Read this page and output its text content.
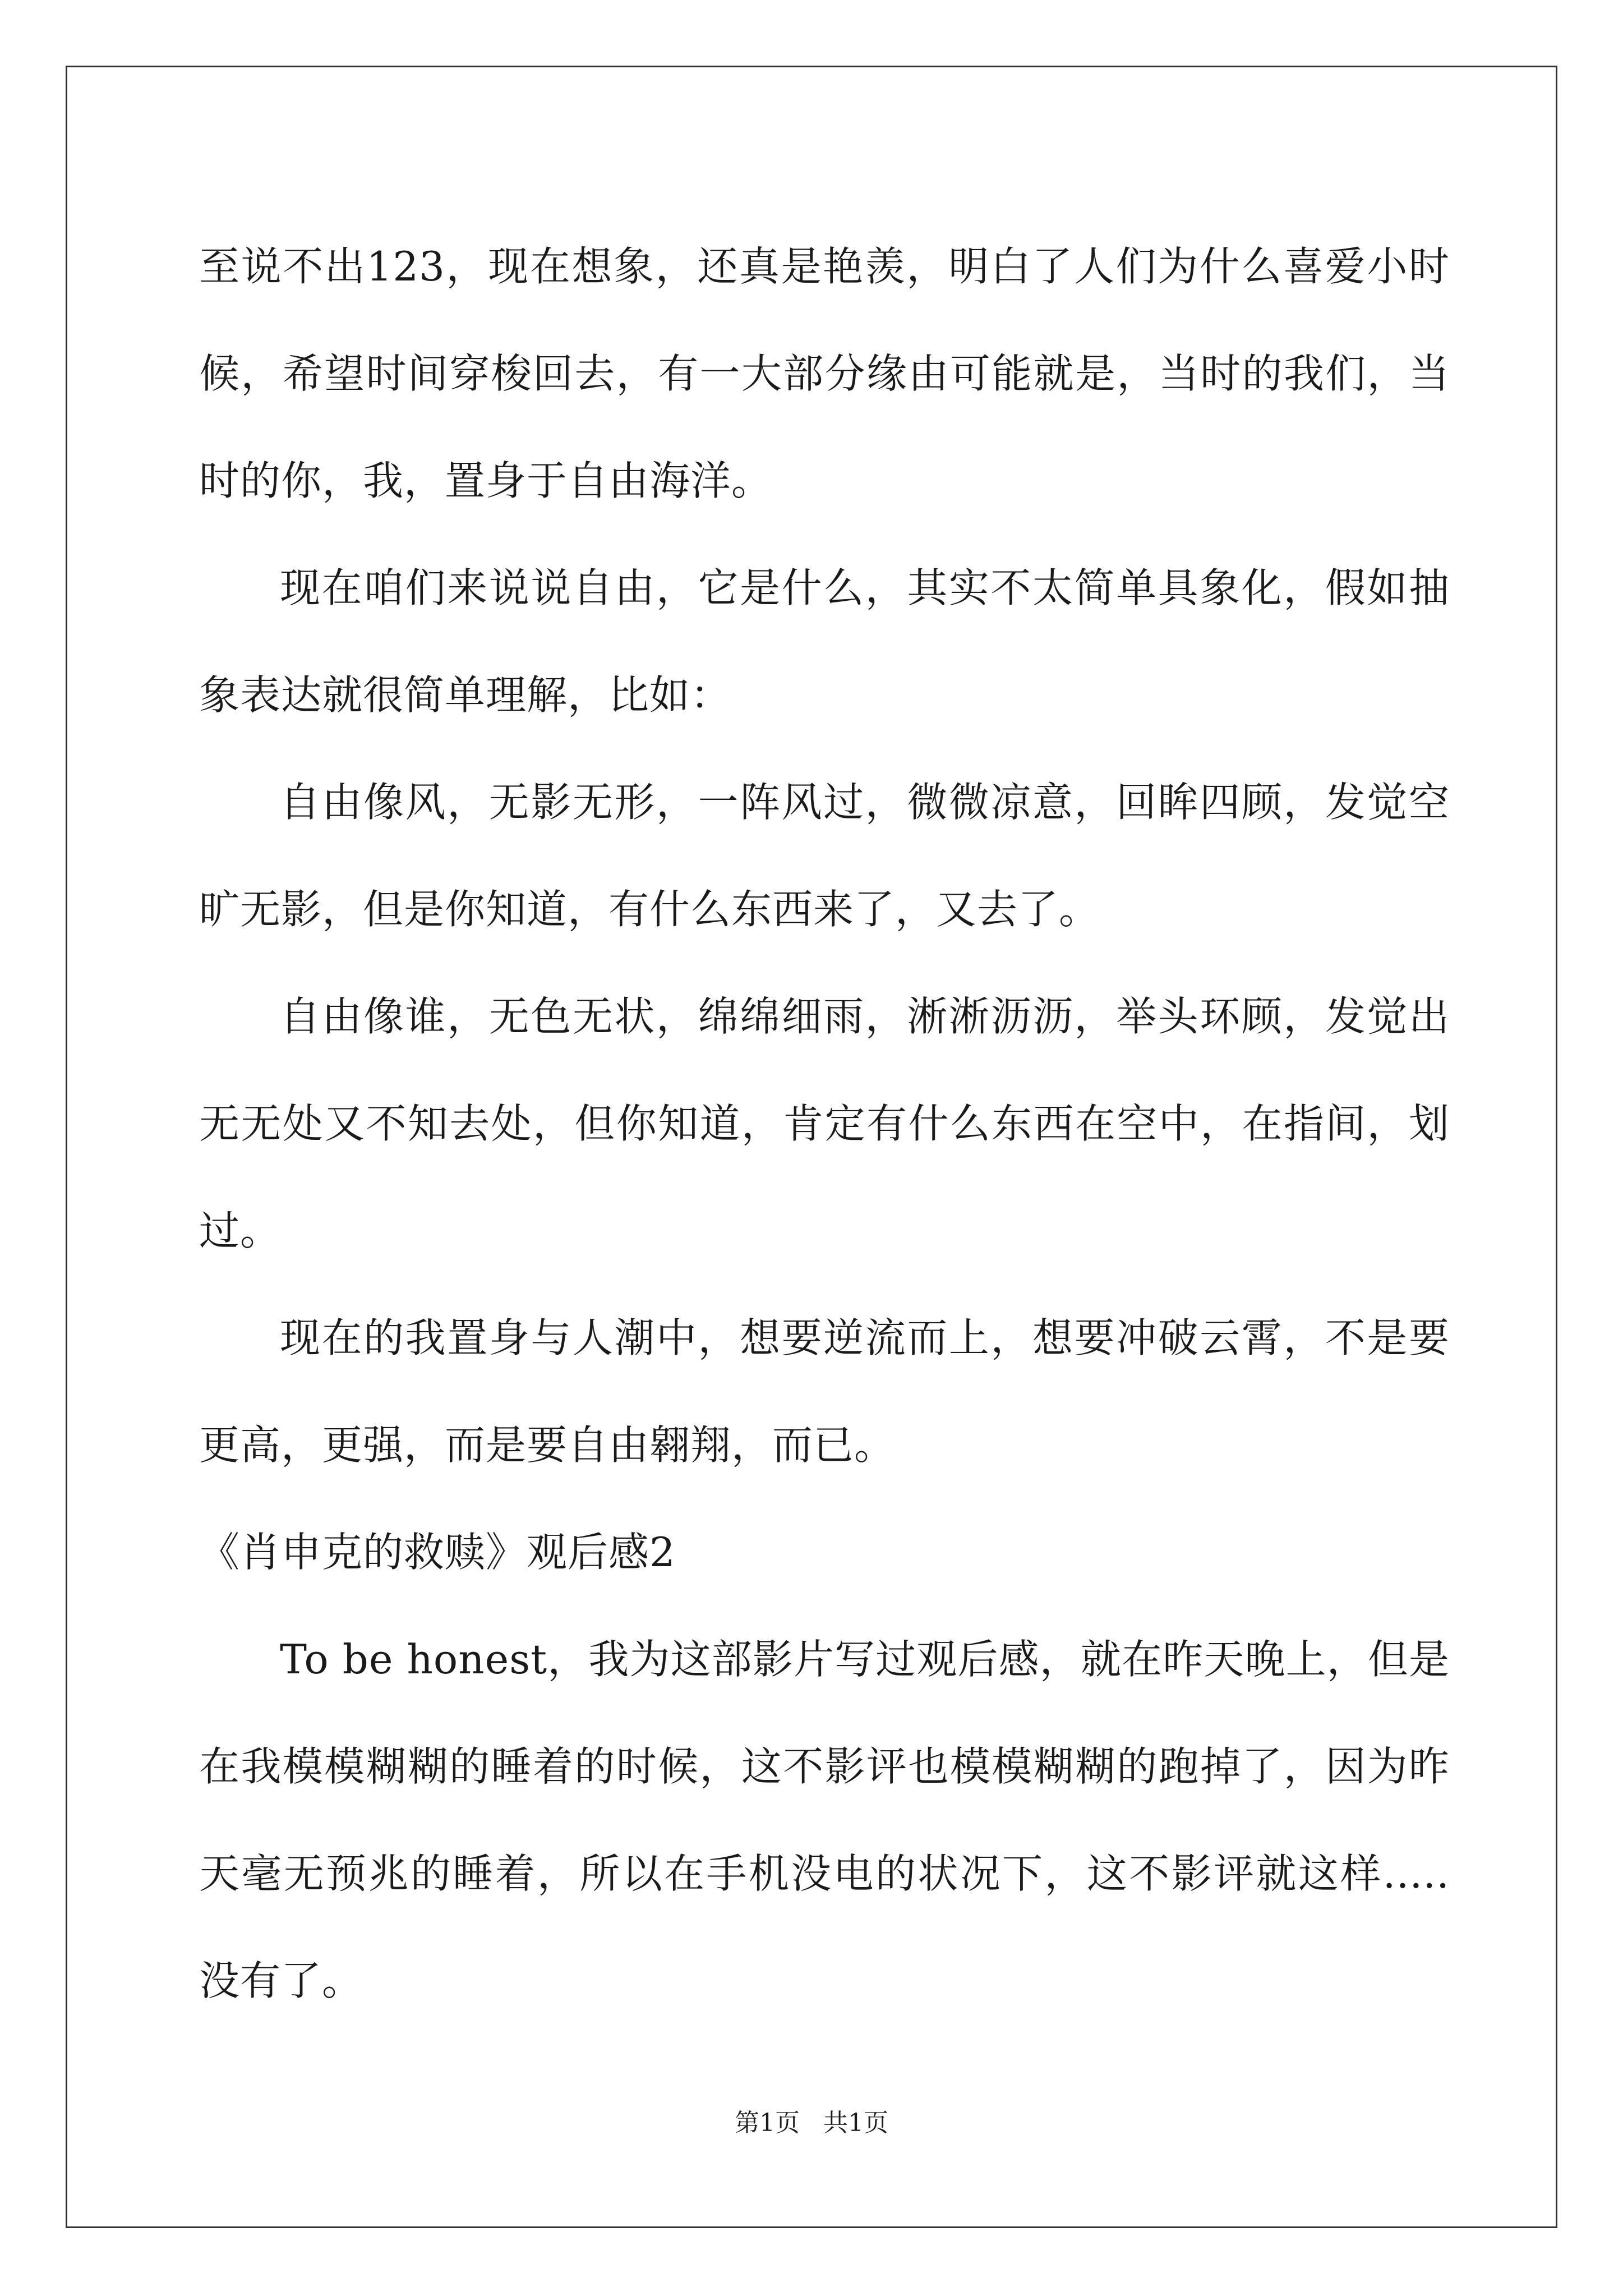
至说不出123，现在想象，还真是艳羡，明白了人们为什么喜爱小时候，希望时间穿梭回去，有一大部分缘由可能就是，当时的我们，当时的你，我，置身于自由海洋。

现在咱们来说说自由，它是什么，其实不太简单具象化，假如抽象表达就很简单理解，比如：

自由像风，无影无形，一阵风过，微微凉意，回眸四顾，发觉空旷无影，但是你知道，有什么东西来了，又去了。

自由像谁，无色无状，绵绵细雨，淅淅沥沥，举头环顾，发觉出无无处又不知去处，但你知道，肯定有什么东西在空中，在指间，划过。

现在的我置身与人潮中，想要逆流而上，想要冲破云霄，不是要更高，更强，而是要自由翱翔，而已。

《肖申克的救赎》观后感2

To be honest，我为这部影片写过观后感，就在昨天晚上，但是在我模模糊糊的睡着的时候，这不影评也模模糊糊的跑掉了，因为昨天毫无预兆的睡着，所以在手机没电的状况下，这不影评就这样.....没有了。

第1页   共1页
